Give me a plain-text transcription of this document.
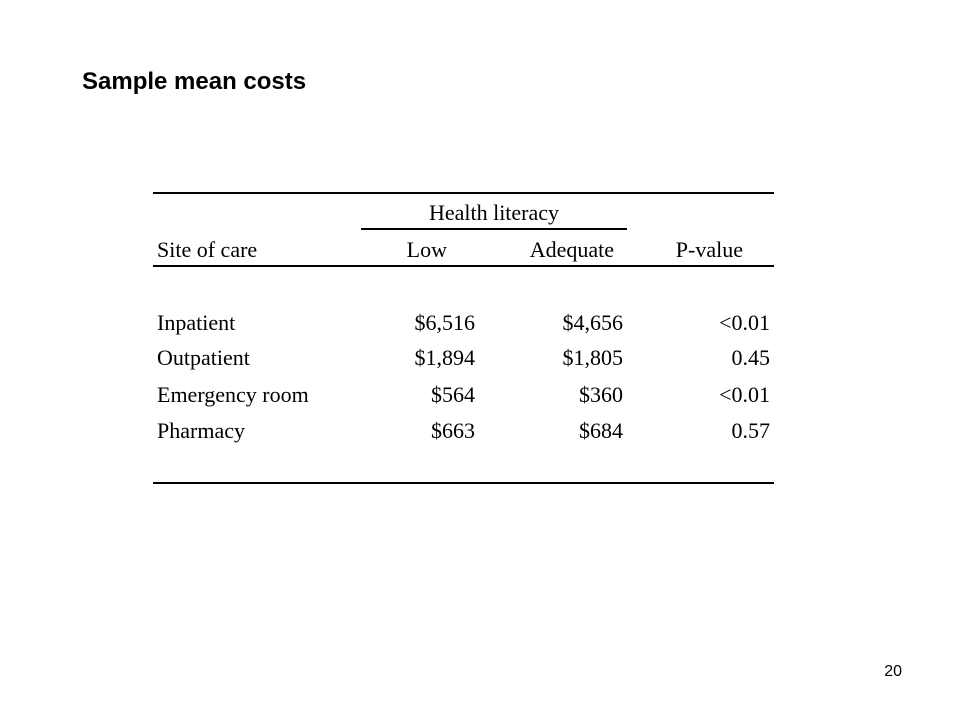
Sample mean costs
Health literacy
Site of care	Low	Adequate	P-value
Inpatient	$6,516	$4,656	<0.01
Outpatient	$1,894	$1,805	0.45
Emergency room	$564	$360	<0.01
Pharmacy	$663	$684	0.57
20
